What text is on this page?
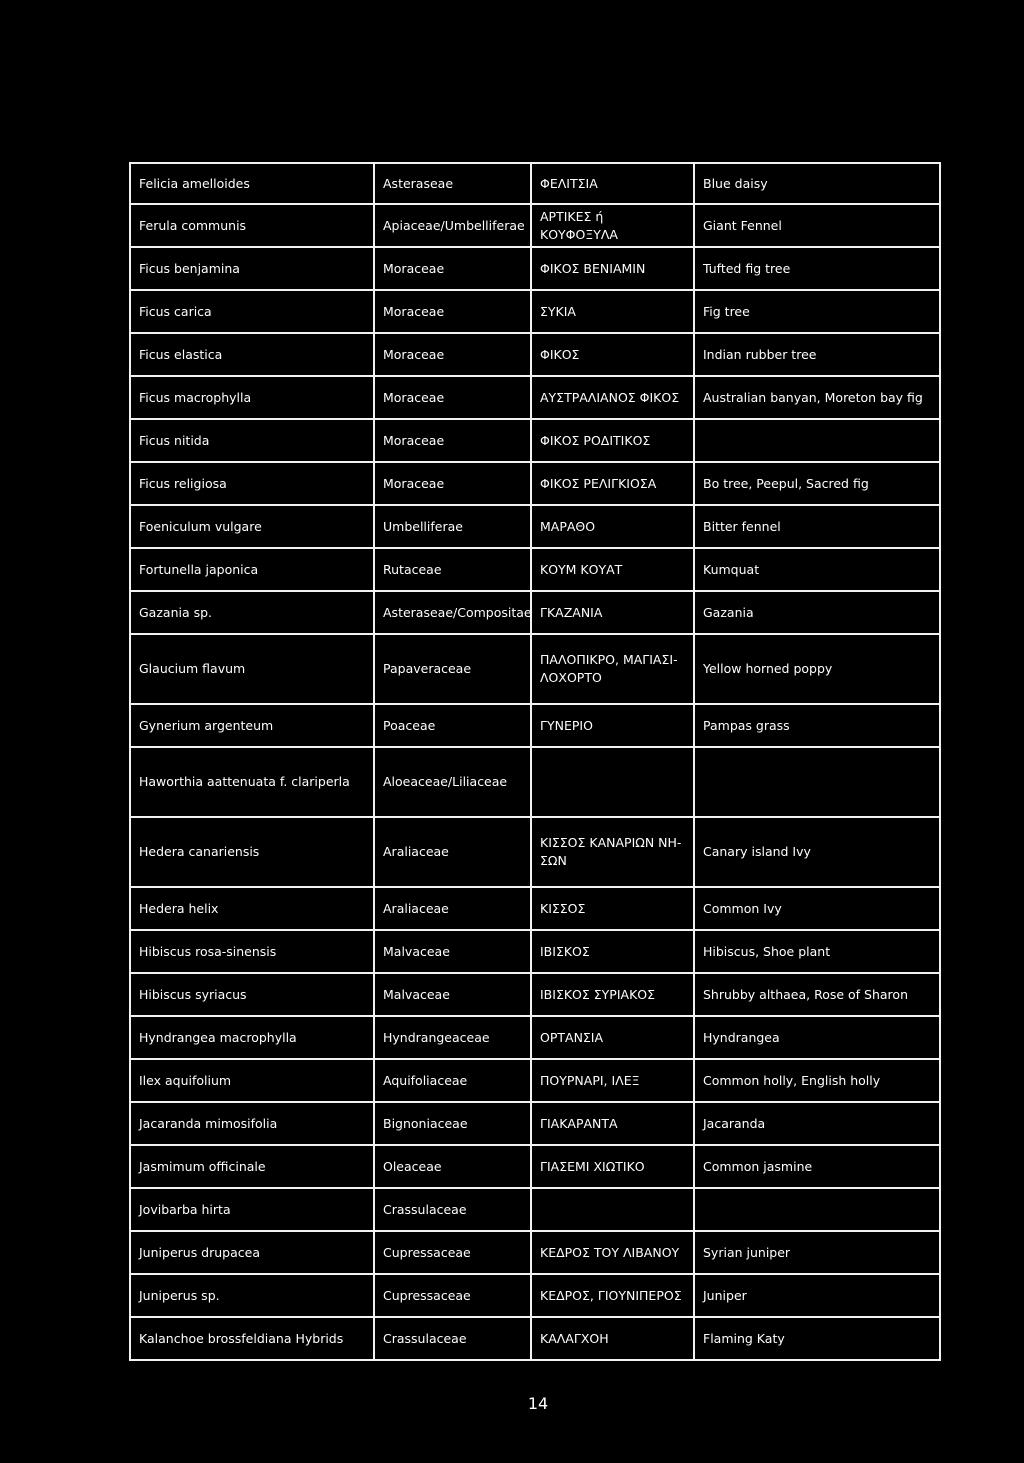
Felicia amelloides	Asteraseae	ΦΕΛΙΤΣΙΑ	Blue daisy
Ferula communis	Apiaceae/Umbelliferae	ΑΡΤΙΚΕΣ ή ΚΟΥΦΟΞΥΛΑ	Giant Fennel
Ficus benjamina	Moraceae	ΦΙΚΟΣ ΒΕΝΙΑΜΙΝ	Tufted fig tree
Ficus carica	Moraceae	ΣΥΚΙΑ	Fig tree
Ficus elastica	Moraceae	ΦΙΚΟΣ	Indian rubber tree
Ficus macrophylla	Moraceae	ΑΥΣΤΡΑΛΙΑΝΟΣ ΦΙΚΟΣ	Australian banyan, Moreton bay fig
Ficus nitida	Moraceae	ΦΙΚΟΣ ΡΟΔΙΤΙΚΟΣ	
Ficus religiosa	Moraceae	ΦΙΚΟΣ ΡΕΛΙΓΚΙΟΣΑ	Bo tree, Peepul, Sacred fig
Foeniculum vulgare	Umbelliferae	ΜΑΡΑΘΟ	Bitter fennel
Fortunella japonica	Rutaceae	ΚΟΥΜ ΚΟΥΑΤ	Kumquat
Gazania sp.	Asteraseae/Compositae	ΓΚΑΖΑΝΙΑ	Gazania
Glaucium flavum	Papaveraceae	ΠΑΛΟΠΙΚΡΟ, ΜΑΓΙΑΣΙ-ΛΟΧΟΡΤΟ	Yellow horned poppy
Gynerium argenteum	Poaceae	ΓΥΝΕΡΙΟ	Pampas grass
Haworthia aattenuata f. clariperla	Aloeaceae/Liliaceae		
Hedera canariensis	Araliaceae	ΚΙΣΣΟΣ ΚΑΝΑΡΙΩΝ ΝΗ-ΣΩΝ	Canary island Ivy
Hedera helix	Araliaceae	ΚΙΣΣΟΣ	Common Ivy
Hibiscus rosa-sinensis	Malvaceae	ΙΒΙΣΚΟΣ	Hibiscus, Shoe plant
Hibiscus syriacus	Malvaceae	ΙΒΙΣΚΟΣ ΣΥΡΙΑΚΟΣ	Shrubby althaea, Rose of Sharon
Hyndrangea macrophylla	Hyndrangeaceae	ΟΡΤΑΝΣΙΑ	Hyndrangea
Ilex aquifolium	Aquifoliaceae	ΠΟΥΡΝΑΡΙ, ΙΛΕΞ	Common holly, English holly
Jacaranda mimosifolia	Bignoniaceae	ΓΙΑΚΑΡΑΝΤΑ	Jacaranda
Jasmimum officinale	Oleaceae	ΓΙΑΣΕΜΙ ΧΙΩΤΙΚΟ	Common jasmine
Jovibarba hirta	Crassulaceae		
Juniperus drupacea	Cupressaceae	ΚΕΔΡΟΣ ΤΟΥ ΛΙΒΑΝΟΥ	Syrian juniper
Juniperus sp.	Cupressaceae	ΚΕΔΡΟΣ, ΓΙΟΥΝΙΠΕΡΟΣ	Juniper
Kalanchoe brossfeldiana Hybrids	Crassulaceae	ΚΑΛΑΓΧΟΗ	Flaming Katy
14
